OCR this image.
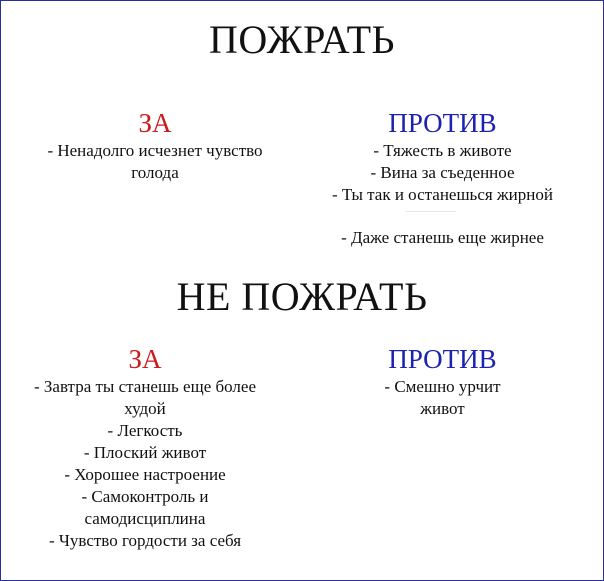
ПОЖРАТЬ
ЗА
- Ненадолго исчезнет чувство
голода
ПРОТИВ
- Тяжесть в животе
- Вина за съеденное
- Ты так и останешься жирной
- Даже станешь еще жирнее
НЕ ПОЖРАТЬ
ЗА
- Завтра ты станешь еще более
худой
- Легкость
- Плоский живот
- Хорошее настроение
- Самоконтроль и
самодисциплина
- Чувство гордости за себя
ПРОТИВ
- Смешно урчит
живот
